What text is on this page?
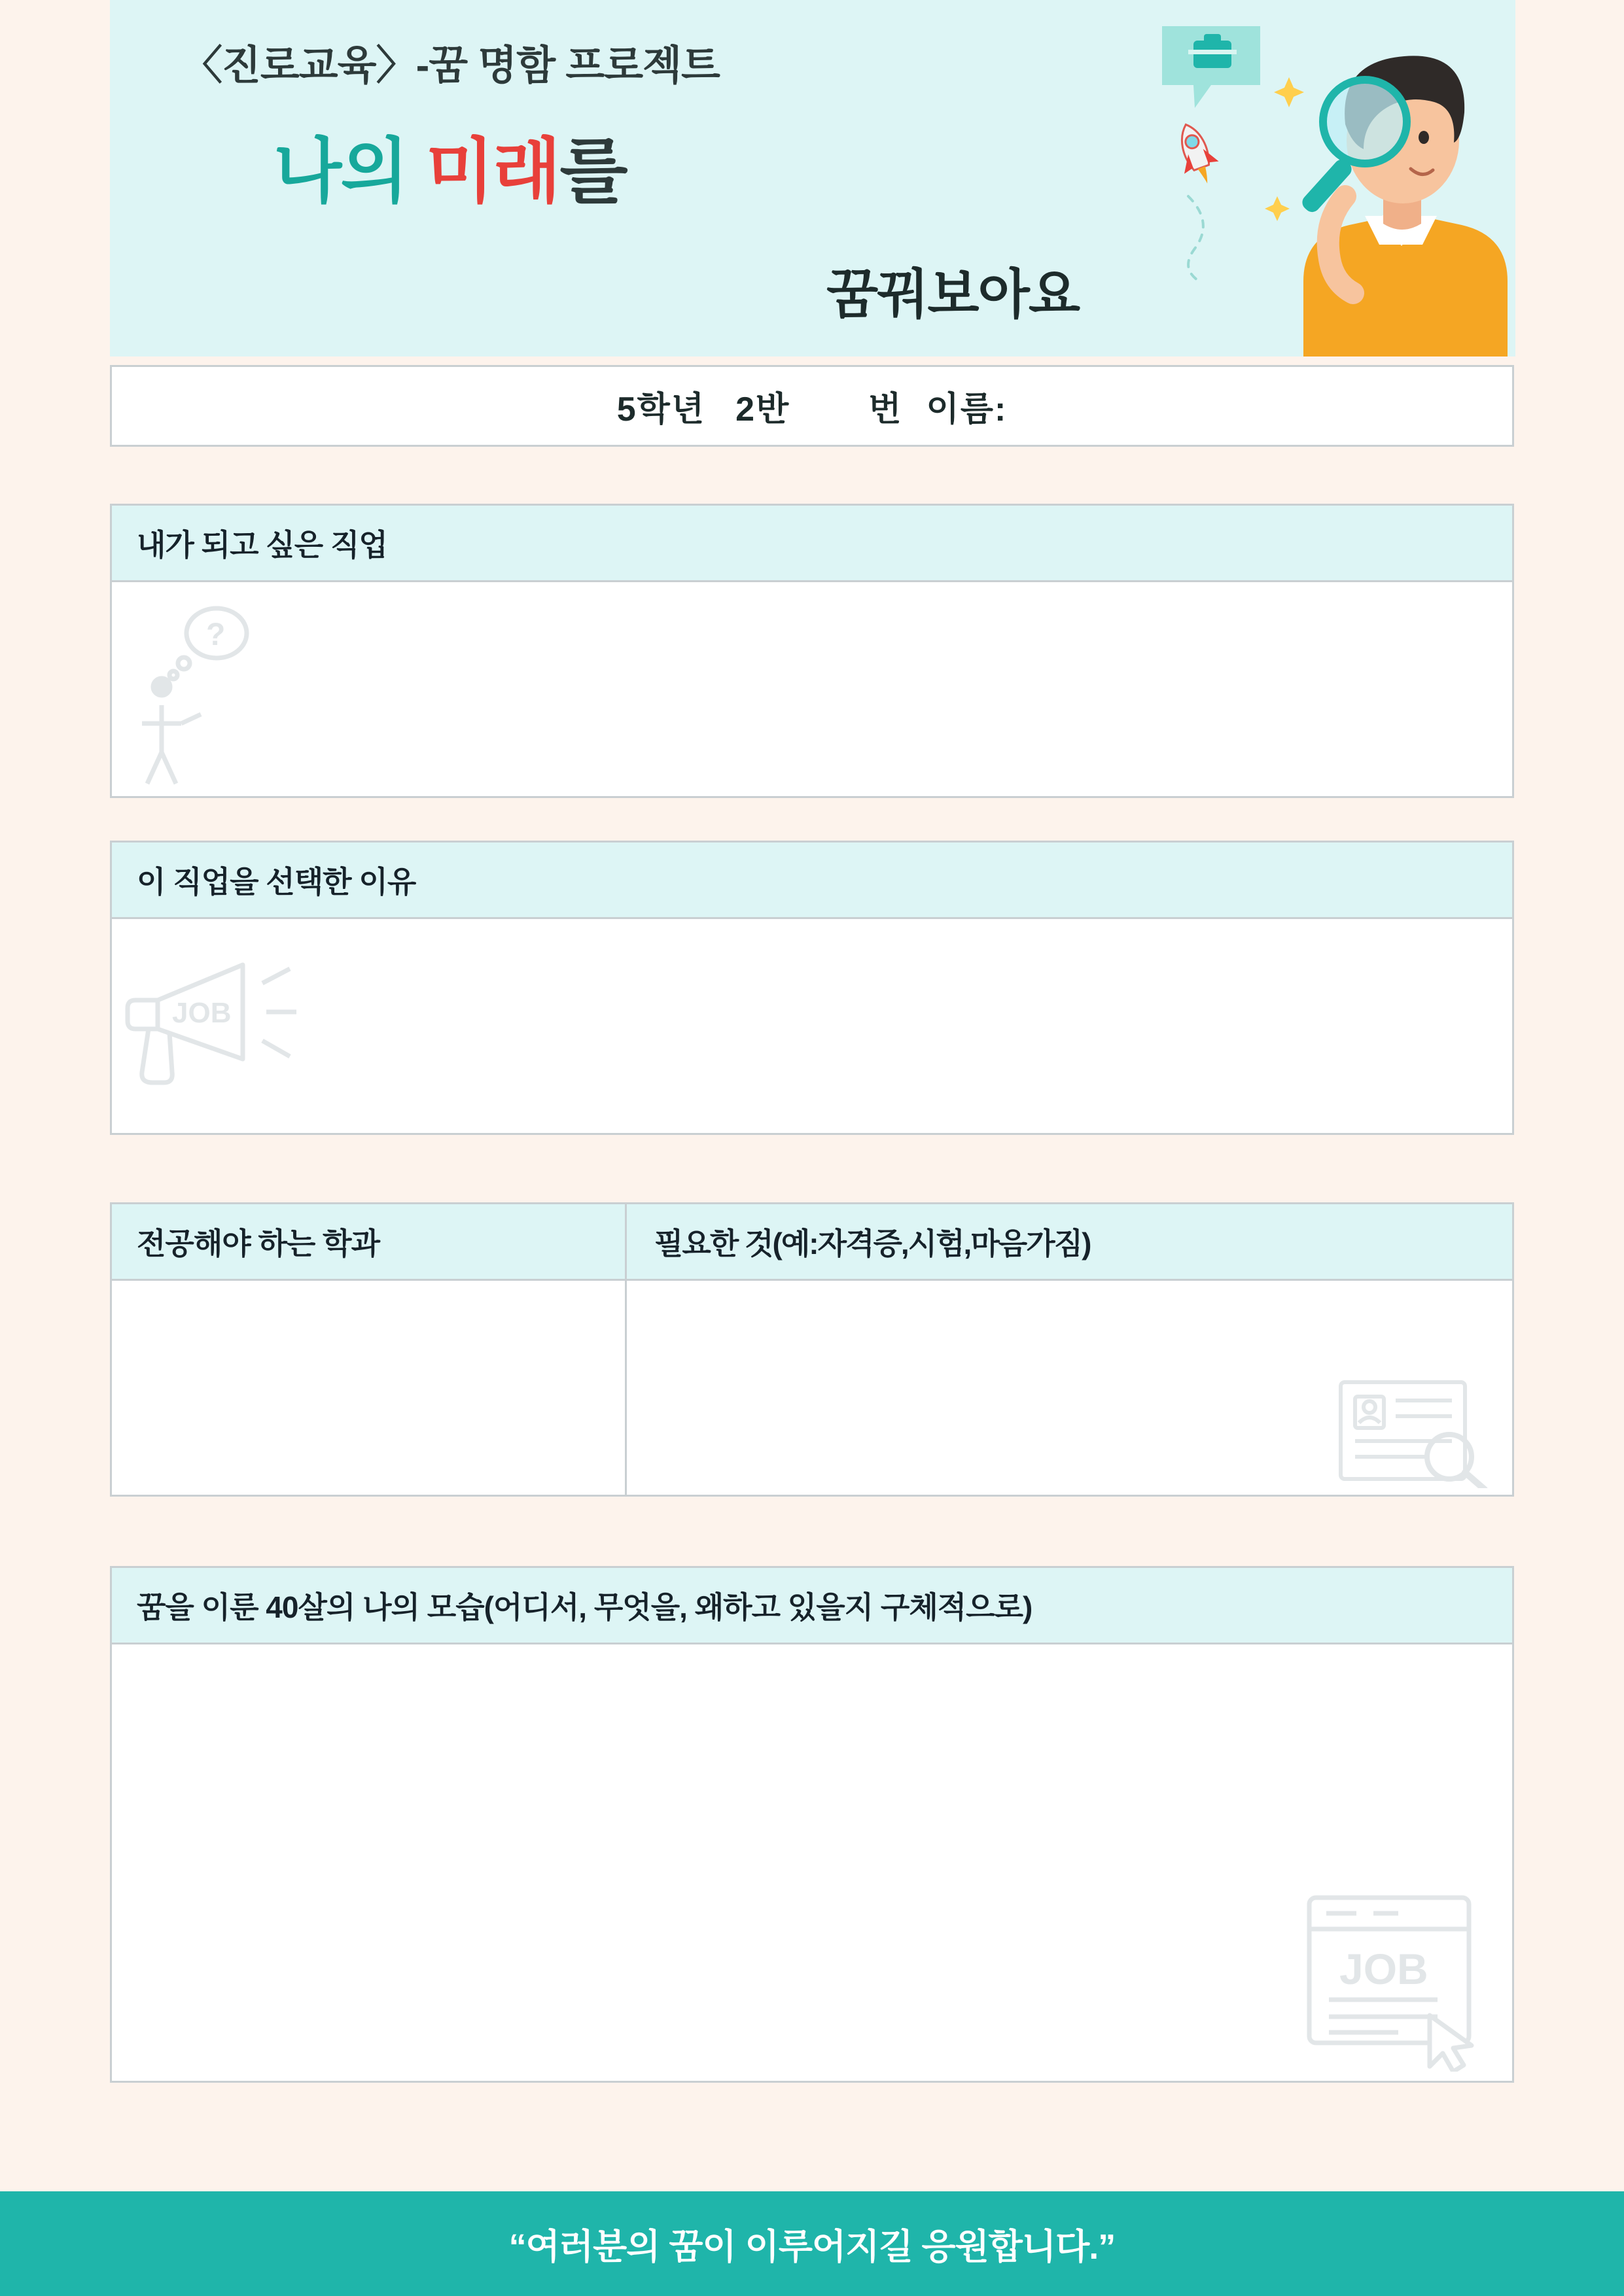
〈진로교육〉-꿈 명함 프로젝트
나의 미래를
꿈꿔보아요
5학년 2반 번 이름:
내가 되고 싶은 직업
?
이 직업을 선택한 이유
JOB
전공해야 하는 학과	필요한 것(예:자격증,시험,마음가짐)
꿈을 이룬 40살의 나의 모습(어디서, 무엇을, 왜하고 있을지 구체적으로)
JOB
“여러분의 꿈이 이루어지길 응원합니다.”
